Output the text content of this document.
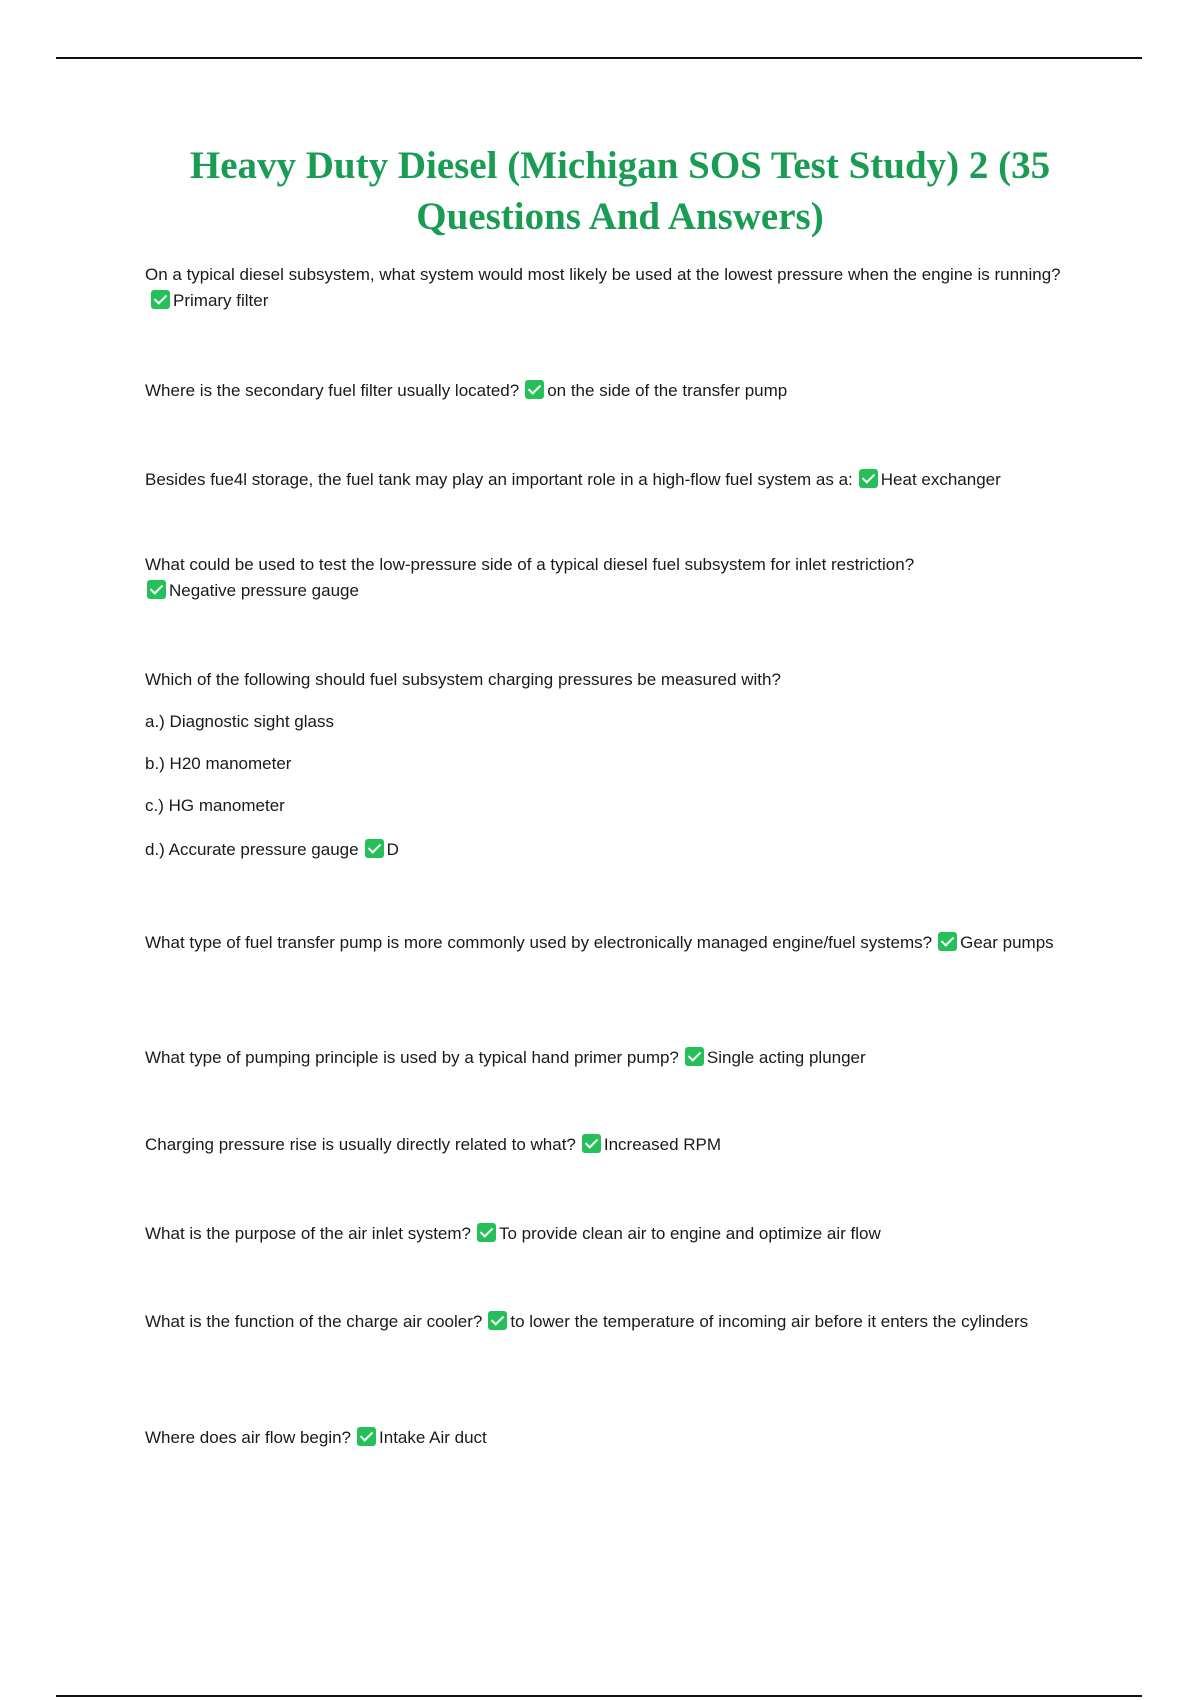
Heavy Duty Diesel (Michigan SOS Test Study) 2 (35 Questions And Answers)

On a typical diesel subsystem, what system would most likely be used at the lowest pressure when the engine is running?Primary filter

Where is the secondary fuel filter usually located? on the side of the transfer pump

Besides fue4l storage, the fuel tank may play an important role in a high-flow fuel system as a: Heat exchanger

What could be used to test the low-pressure side of a typical diesel fuel subsystem for inlet restriction?

Negative pressure gauge

Which of the following should fuel subsystem charging pressures be measured with?

a.) Diagnostic sight glass

b.) H20 manometer

c.) HG manometer

d.) Accurate pressure gauge D

What type of fuel transfer pump is more commonly used by electronically managed engine/fuel systems? Gear pumps

What type of pumping principle is used by a typical hand primer pump? Single acting plunger

Charging pressure rise is usually directly related to what? Increased RPM

What is the purpose of the air inlet system? To provide clean air to engine and optimize air flow

What is the function of the charge air cooler? to lower the temperature of incoming air before it enters the cylinders

Where does air flow begin? Intake Air duct
